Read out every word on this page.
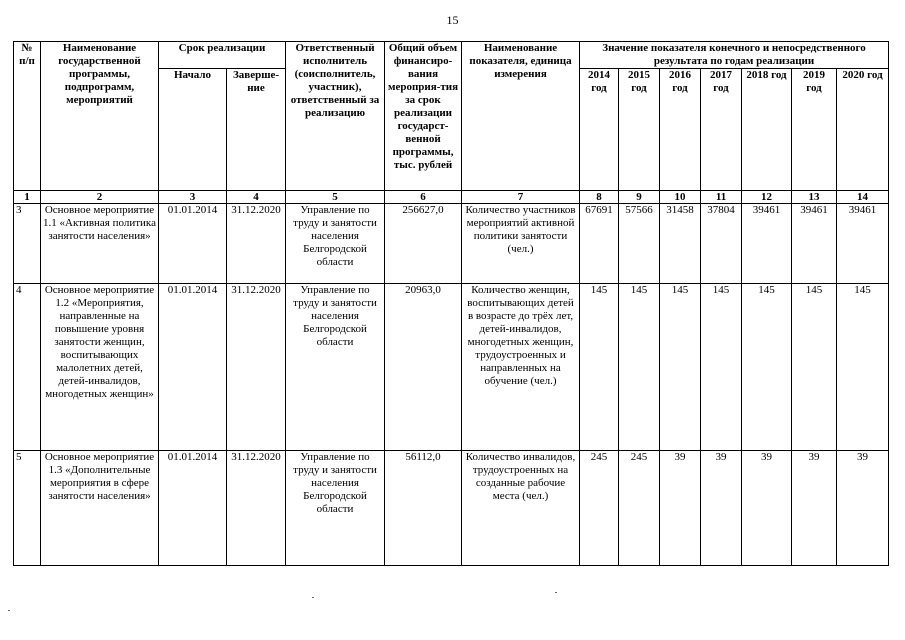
15
№ п/п	Наименование государственной программы, подпрограмм, мероприятий	Срок реализации		Ответственный исполнитель (соисполнитель, участник), ответственный за реализацию	Общий объем финансиро-вания мероприя-тия за срок реализации государст-венной программы, тыс. рублей	Наименование показателя, единица измерения	Значение показателя конечного и непосредственного результата по годам реализации						
		Начало	Заверше-ние				2014 год	2015 год	2016 год	2017 год	2018 год	2019 год	2020 год
1	2	3	4	5	6	7	8	9	10	11	12	13	14
3	Основное мероприятие 1.1 «Активная политика занятости населения»	01.01.2014	31.12.2020	Управление по труду и занятости населения Белгородской области	256627,0	Количество участников мероприятий активной политики занятости (чел.)	67691	57566	31458	37804	39461	39461	39461
4	Основное мероприятие 1.2 «Мероприятия, направленные на повышение уровня занятости женщин, воспитывающих малолетних детей, детей-инвалидов, многодетных женщин»	01.01.2014	31.12.2020	Управление по труду и занятости населения Белгородской области	20963,0	Количество женщин, воспитывающих детей в возрасте до трёх лет, детей-инвалидов, многодетных женщин, трудоустроенных и направленных на обучение (чел.)	145	145	145	145	145	145	145
5	Основное мероприятие 1.3 «Дополнительные мероприятия в сфере занятости населения»	01.01.2014	31.12.2020	Управление по труду и занятости населения Белгородской области	56112,0	Количество инвалидов, трудоустроенных на созданные рабочие места (чел.)	245	245	39	39	39	39	39
